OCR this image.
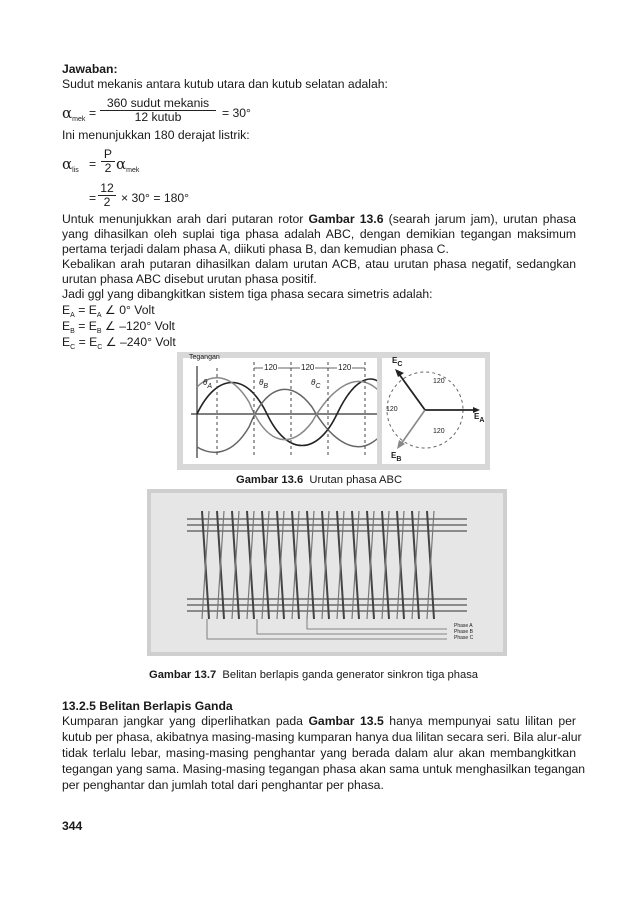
Jawaban:
Sudut mekanis antara kutub utara dan kutub selatan adalah:
$\alpha_{mek}$ =
360 sudut mekanis
12 kutub	= 30°
Ini menunjukkan 180 derajat listrik:
$\alpha_{lis} = \frac{P}{2} \alpha_{mek}$
= $\frac{12}{2} \times 30^\circ = 180^\circ$
Untuk menunjukkan arah dari putaran rotor Gambar 13.6 (searah jarum jam), urutan phasa
yang dihasilkan oleh suplai tiga phasa adalah ABC, dengan demikian tegangan maksimum
pertama terjadi dalam phasa A, diikuti phasa B, dan kemudian phasa C.
Kebalikan arah putaran dihasilkan dalam urutan ACB, atau urutan phasa negatif, sedangkan
urutan phasa ABC disebut urutan phasa positif.
Jadi ggl yang dibangkitkan sistem tiga phasa secara simetris adalah:
$E_A = E_A$ ∠ 0° Volt
$E_B = E_B$ ∠ –120° Volt
$E_C = E_C$ ∠ –240° Volt
Tegangan
120	120	120
$\theta_A$	$\theta_B$	$\theta_C$
$E_C$
$E_A$
$E_B$
120
120
120
Gambar 13.6 Urutan phasa ABC
Phase A
Phase B
Phase C
Gambar 13.7 Belitan berlapis ganda generator sinkron tiga phasa
13.2.5 Belitan Berlapis Ganda
Kumparan jangkar yang diperlihatkan pada Gambar 13.5 hanya mempunyai satu lilitan per
kutub per phasa, akibatnya masing-masing kumparan hanya dua lilitan secara seri. Bila alur-alur
tidak terlalu lebar, masing-masing penghantar yang berada dalam alur akan membangkitkan
tegangan yang sama. Masing-masing tegangan phasa akan sama untuk menghasilkan tegangan
per penghantar dan jumlah total dari penghantar per phasa.
344
